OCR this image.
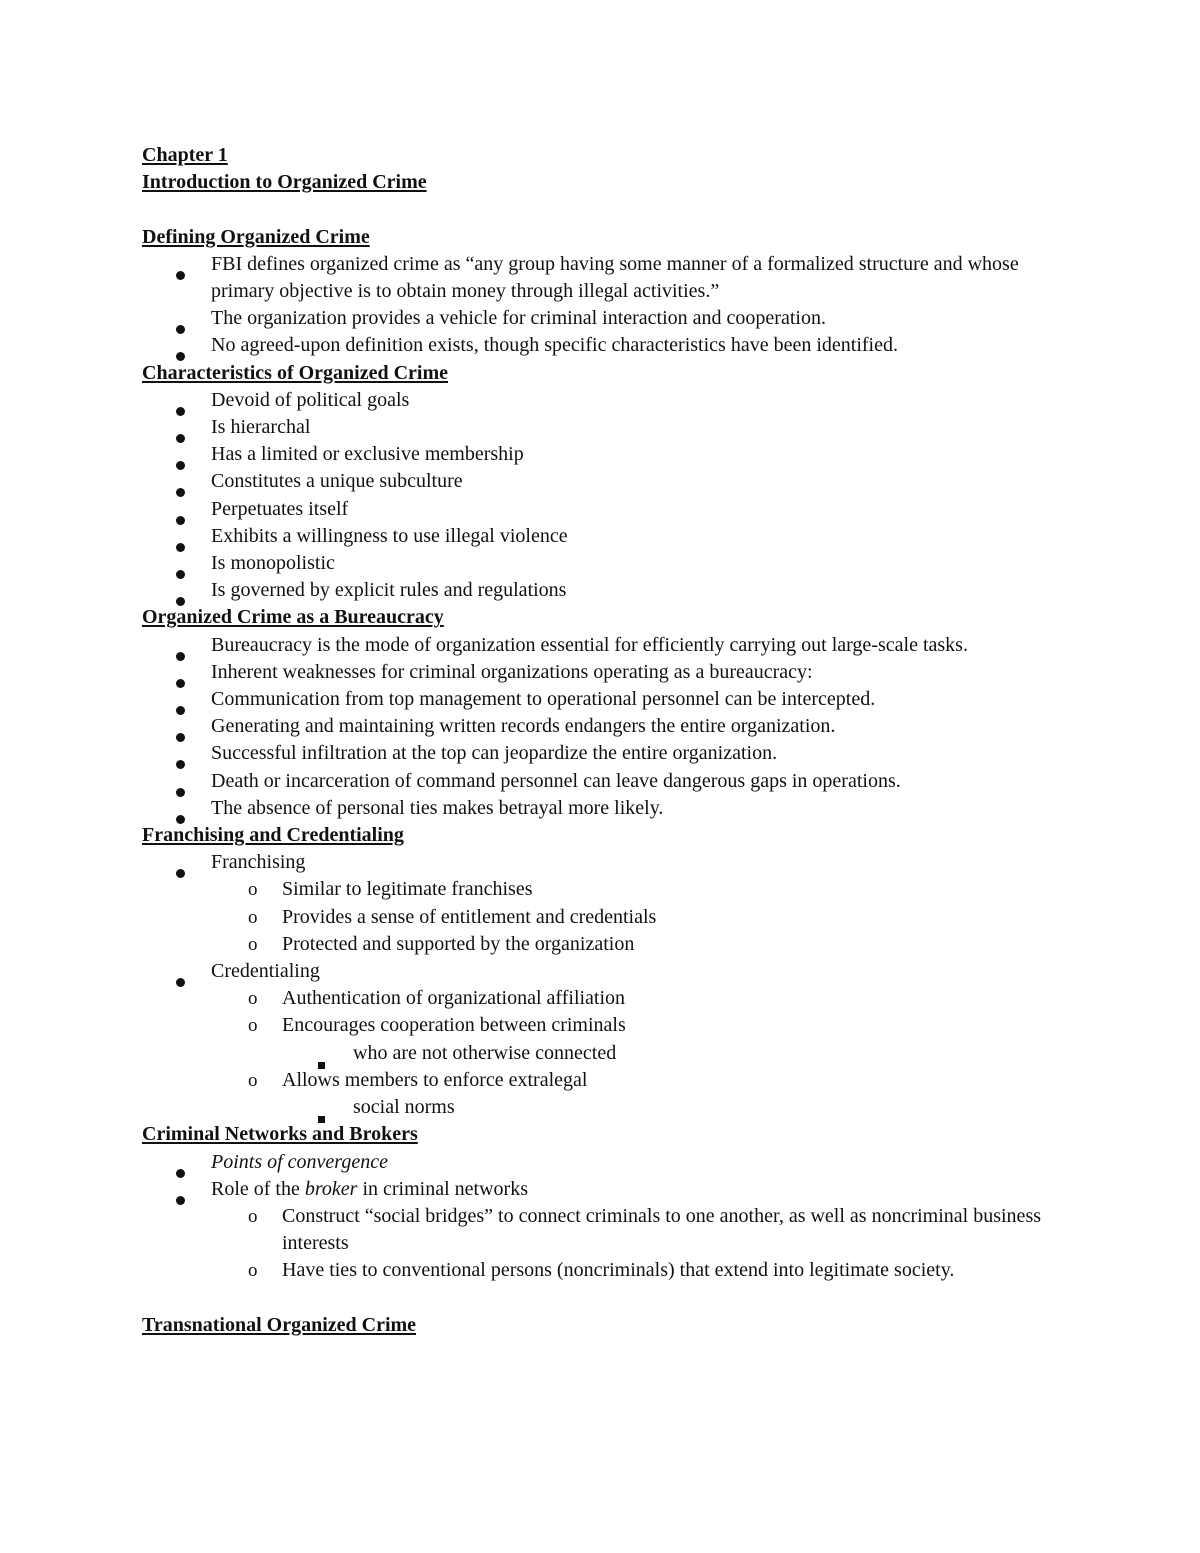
Chapter 1
Introduction to Organized Crime
Defining Organized Crime
FBI defines organized crime as “any group having some manner of a formalized structure and whose primary objective is to obtain money through illegal activities.”
The organization provides a vehicle for criminal interaction and cooperation.
No agreed-upon definition exists, though specific characteristics have been identified.
Characteristics of Organized Crime
Devoid of political goals
Is hierarchal
Has a limited or exclusive membership
Constitutes a unique subculture
Perpetuates itself
Exhibits a willingness to use illegal violence
Is monopolistic
Is governed by explicit rules and regulations
Organized Crime as a Bureaucracy
Bureaucracy is the mode of organization essential for efficiently carrying out large-scale tasks.
Inherent weaknesses for criminal organizations operating as a bureaucracy:
Communication from top management to operational personnel can be intercepted.
Generating and maintaining written records endangers the entire organization.
Successful infiltration at the top can jeopardize the entire organization.
Death or incarceration of command personnel can leave dangerous gaps in operations.
The absence of personal ties makes betrayal more likely.
Franchising and Credentialing
Franchising
o Similar to legitimate franchises
o Provides a sense of entitlement and credentials
o Protected and supported by the organization
Credentialing
o Authentication of organizational affiliation
o Encourages cooperation between criminals
who are not otherwise connected
o Allows members to enforce extralegal
social norms
Criminal Networks and Brokers
Points of convergence
Role of the broker in criminal networks
o Construct “social bridges” to connect criminals to one another, as well as noncriminal business interests
o Have ties to conventional persons (noncriminals) that extend into legitimate society.
Transnational Organized Crime
